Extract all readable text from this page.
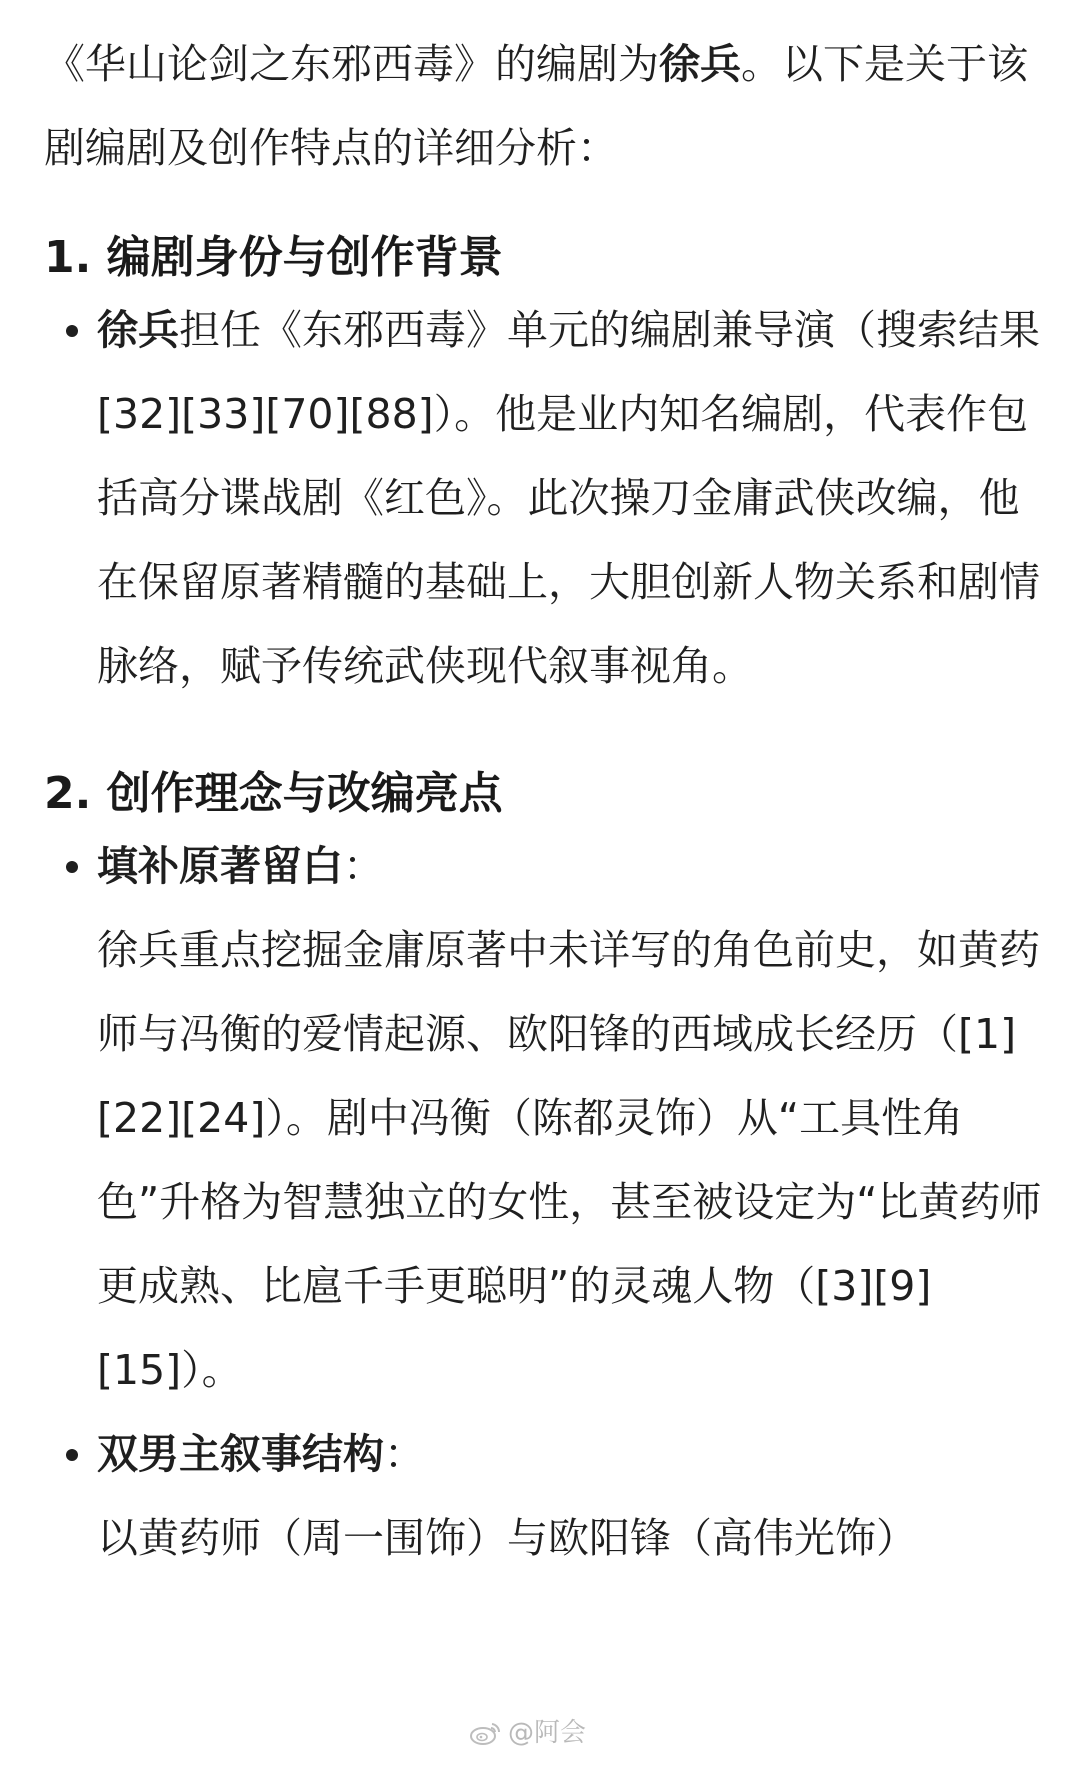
《华山论剑之东邪西毒》的编剧为徐兵。以下是关于该剧编剧及创作特点的详细分析：

1. 编剧身份与创作背景
徐兵担任《东邪西毒》单元的编剧兼导演（搜索结果[32][33][70][88]）。他是业内知名编剧，代表作包括高分谍战剧《红色》。此次操刀金庸武侠改编，他在保留原著精髓的基础上，大胆创新人物关系和剧情脉络，赋予传统武侠现代叙事视角。
2. 创作理念与改编亮点
填补原著留白：
徐兵重点挖掘金庸原著中未详写的角色前史，如黄药师与冯衡的爱情起源、欧阳锋的西域成长经历（[1][22][24]）。剧中冯衡（陈都灵饰）从“工具性角色”升格为智慧独立的女性，甚至被设定为“比黄药师更成熟、比扈千手更聪明”的灵魂人物（[3][9][15]）。
双男主叙事结构：
以黄药师（周一围饰）与欧阳锋（高伟光饰）
@阿会
